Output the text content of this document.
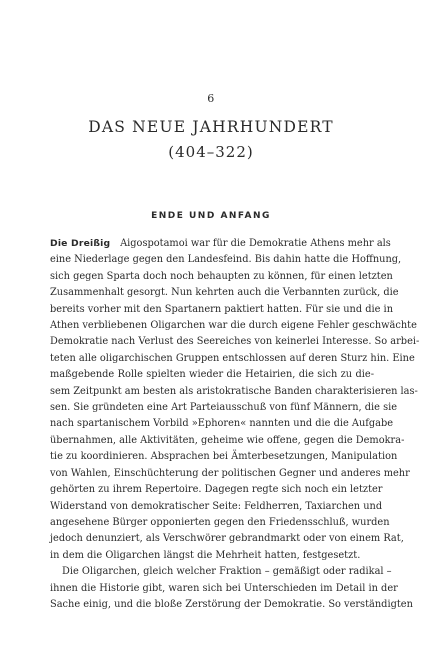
6
DAS NEUE JAHRHUNDERT
(404–322)
ENDE UND ANFANG
Die Dreißig  Aigospotamoi war für die Demokratie Athens mehr als
eine Niederlage gegen den Landesfeind. Bis dahin hatte die Hoffnung,
sich gegen Sparta doch noch behaupten zu können, für einen letzten
Zusammenhalt gesorgt. Nun kehrten auch die Verbannten zurück, die
bereits vorher mit den Spartanern paktiert hatten. Für sie und die in
Athen verbliebenen Oligarchen war die durch eigene Fehler geschwächte
Demokratie nach Verlust des Seereiches von keinerlei Interesse. So arbei-
teten alle oligarchischen Gruppen entschlossen auf deren Sturz hin. Eine
maßgebende Rolle spielten wieder die Hetairien, die sich zu die-
sem Zeitpunkt am besten als aristokratische Banden charakterisieren las-
sen. Sie gründeten eine Art Parteiausschuß von fünf Männern, die sie
nach spartanischem Vorbild »Ephoren« nannten und die die Aufgabe
übernahmen, alle Aktivitäten, geheime wie offene, gegen die Demokra-
tie zu koordinieren. Absprachen bei Ämterbesetzungen, Manipulation
von Wahlen, Einschüchterung der politischen Gegner und anderes mehr
gehörten zu ihrem Repertoire. Dagegen regte sich noch ein letzter
Widerstand von demokratischer Seite: Feldherren, Taxiarchen und
angesehene Bürger opponierten gegen den Friedensschluß, wurden
jedoch denunziert, als Verschwörer gebrandmarkt oder von einem Rat,
in dem die Oligarchen längst die Mehrheit hatten, festgesetzt.
Die Oligarchen, gleich welcher Fraktion – gemäßigt oder radikal –
ihnen die Historie gibt, waren sich bei Unterschieden im Detail in der
Sache einig, und die bloße Zerstörung der Demokratie. So verständigten
